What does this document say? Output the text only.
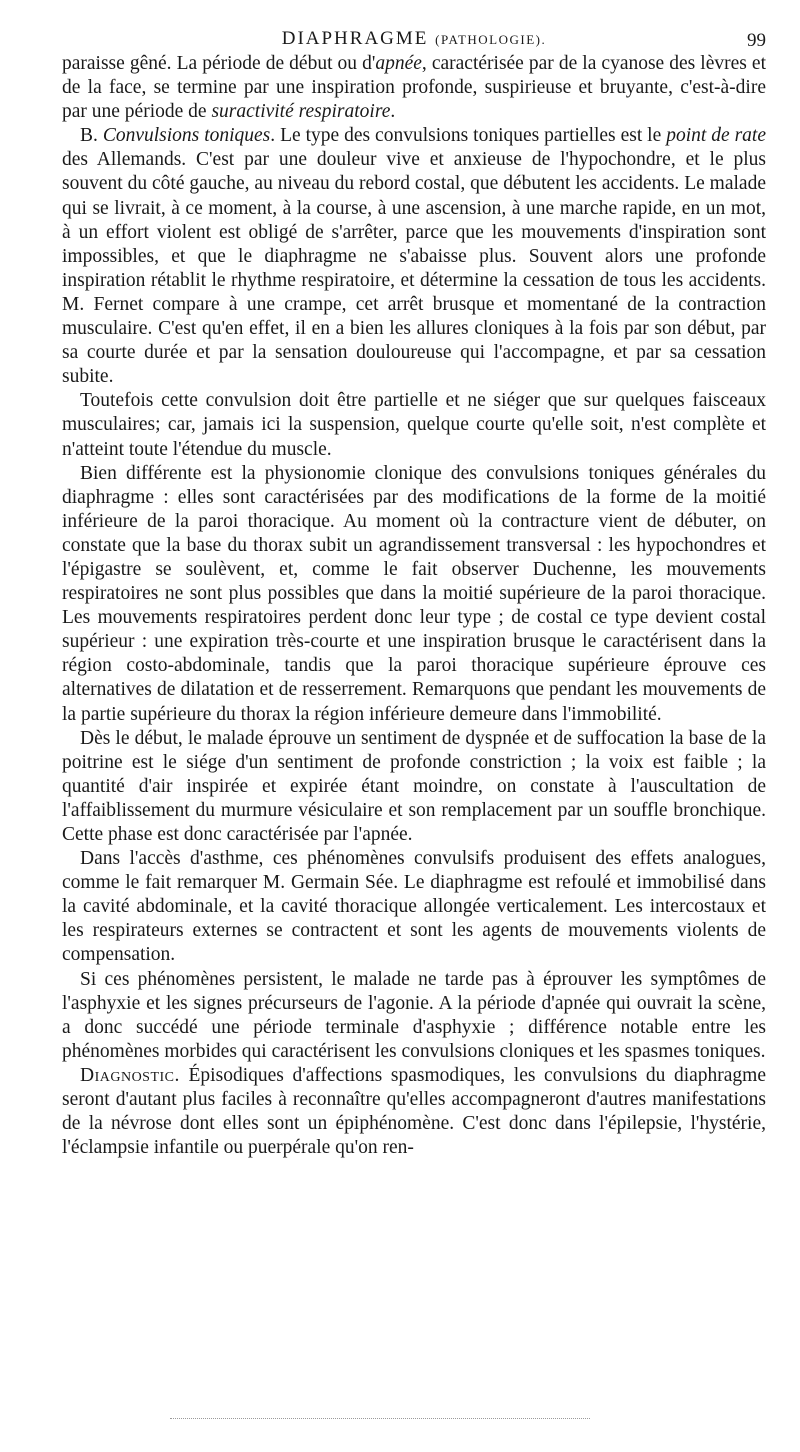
DIAPHRAGME (PATHOLOGIE).	99

paraisse gêné. La période de début ou d'apnée, caractérisée par de la cyanose des lèvres et de la face, se termine par une inspiration profonde, suspirieuse et bruyante, c'est-à-dire par une période de suractivité respiratoire.

B. Convulsions toniques. Le type des convulsions toniques partielles est le point de rate des Allemands. C'est par une douleur vive et anxieuse de l'hypochondre, et le plus souvent du côté gauche, au niveau du rebord costal, que débutent les accidents. Le malade qui se livrait, à ce moment, à la course, à une ascension, à une marche rapide, en un mot, à un effort violent est obligé de s'arrêter, parce que les mouvements d'inspiration sont impossibles, et que le diaphragme ne s'abaisse plus. Souvent alors une profonde inspiration rétablit le rhythme respiratoire, et détermine la cessation de tous les accidents. M. Fernet compare à une crampe, cet arrêt brusque et momentané de la contraction musculaire. C'est qu'en effet, il en a bien les allures cloniques à la fois par son début, par sa courte durée et par la sensation douloureuse qui l'accompagne, et par sa cessation subite.

Toutefois cette convulsion doit être partielle et ne siéger que sur quelques faisceaux musculaires; car, jamais ici la suspension, quelque courte qu'elle soit, n'est complète et n'atteint toute l'étendue du muscle.

Bien différente est la physionomie clonique des convulsions toniques générales du diaphragme : elles sont caractérisées par des modifications de la forme de la moitié inférieure de la paroi thoracique. Au moment où la contracture vient de débuter, on constate que la base du thorax subit un agrandissement transversal : les hypochondres et l'épigastre se soulèvent, et, comme le fait observer Duchenne, les mouvements respiratoires ne sont plus possibles que dans la moitié supérieure de la paroi thoracique. Les mouvements respiratoires perdent donc leur type ; de costal ce type devient costal supérieur : une expiration très-courte et une inspiration brusque le caractérisent dans la région costo-abdominale, tandis que la paroi thoracique supérieure éprouve ces alternatives de dilatation et de resserrement. Remarquons que pendant les mouvements de la partie supérieure du thorax la région inférieure demeure dans l'immobilité.

Dès le début, le malade éprouve un sentiment de dyspnée et de suffocation la base de la poitrine est le siége d'un sentiment de profonde constriction ; la voix est faible ; la quantité d'air inspirée et expirée étant moindre, on constate à l'auscultation de l'affaiblissement du murmure vésiculaire et son remplacement par un souffle bronchique. Cette phase est donc caractérisée par l'apnée.

Dans l'accès d'asthme, ces phénomènes convulsifs produisent des effets analogues, comme le fait remarquer M. Germain Sée. Le diaphragme est refoulé et immobilisé dans la cavité abdominale, et la cavité thoracique allongée verticalement. Les intercostaux et les respirateurs externes se contractent et sont les agents de mouvements violents de compensation.

Si ces phénomènes persistent, le malade ne tarde pas à éprouver les symptômes de l'asphyxie et les signes précurseurs de l'agonie. A la période d'apnée qui ouvrait la scène, a donc succédé une période terminale d'asphyxie ; différence notable entre les phénomènes morbides qui caractérisent les convulsions cloniques et les spasmes toniques.

Diagnostic. Épisodiques d'affections spasmodiques, les convulsions du diaphragme seront d'autant plus faciles à reconnaître qu'elles accompagneront d'autres manifestations de la névrose dont elles sont un épiphénomène. C'est donc dans l'épilepsie, l'hystérie, l'éclampsie infantile ou puerpérale qu'on ren-
